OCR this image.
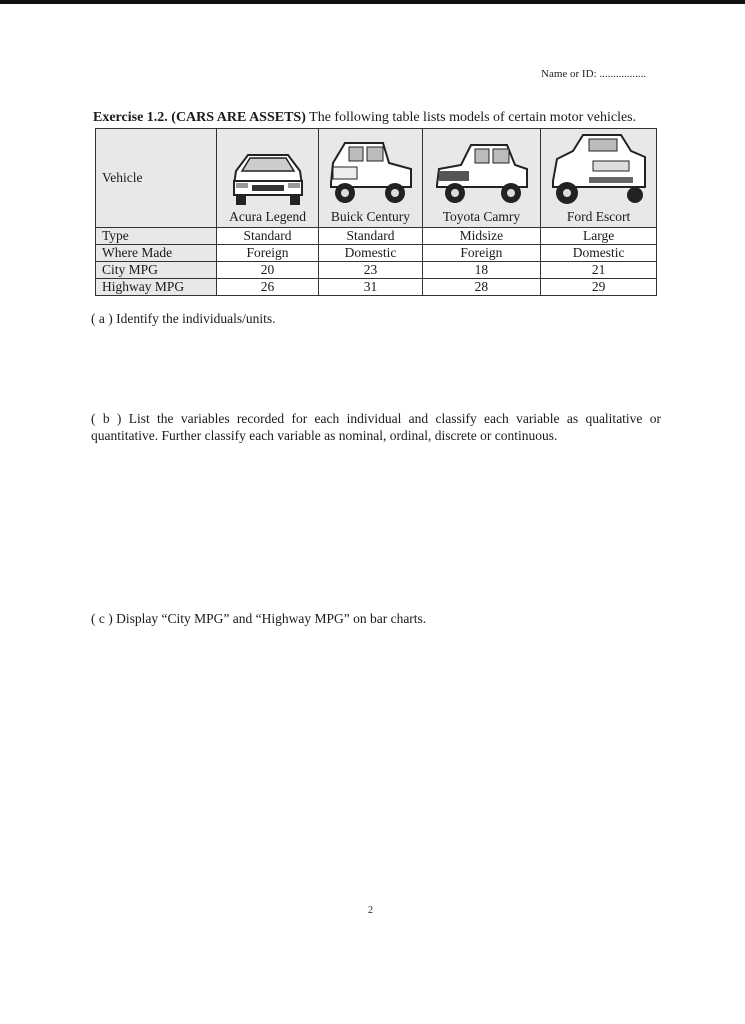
Name or ID: .................
Exercise 1.2. (CARS ARE ASSETS) The following table lists models of certain motor vehicles.
Vehicle	Acura Legend	Buick Century	Toyota Camry	Ford Escort

Type	Standard	Standard	Midsize	Large
Where Made	Foreign	Domestic	Foreign	Domestic
City MPG	20	23	18	21
Highway MPG	26	31	28	29
( a ) Identify the individuals/units.
( b ) List the variables recorded for each individual and classify each variable as qualitative or quantitative. Further classify each variable as nominal, ordinal, discrete or continuous.
( c ) Display “City MPG” and “Highway MPG” on bar charts.
2
